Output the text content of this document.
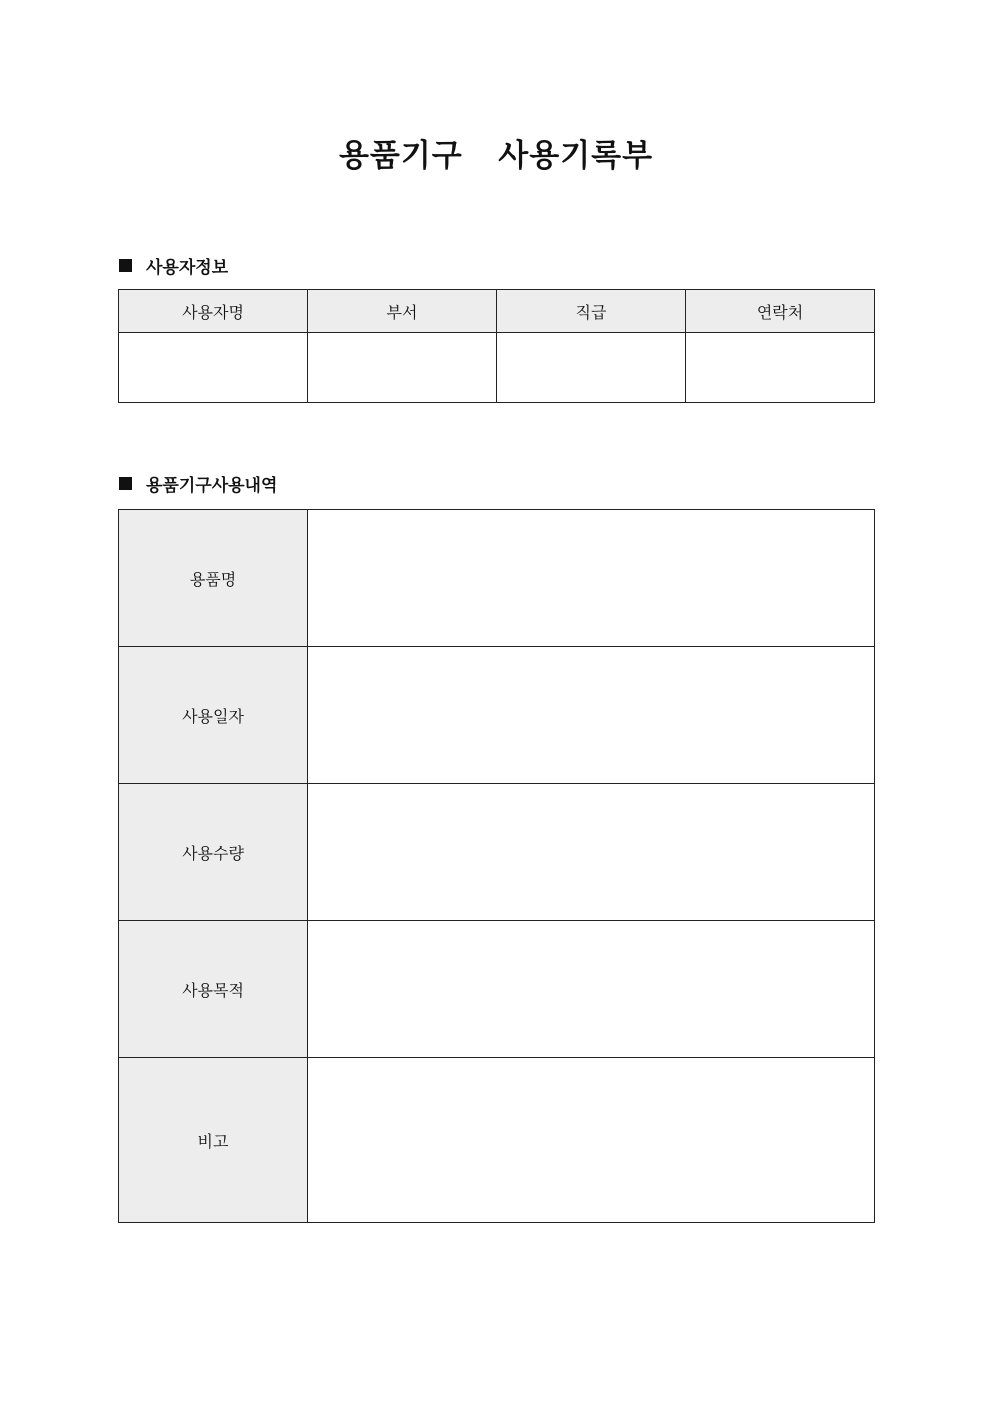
용품기구  사용기록부
사용자정보
사용자명	부서	직급	연락처

용품기구사용내역
용품명	
사용일자	
사용수량	
사용목적	
비고	
